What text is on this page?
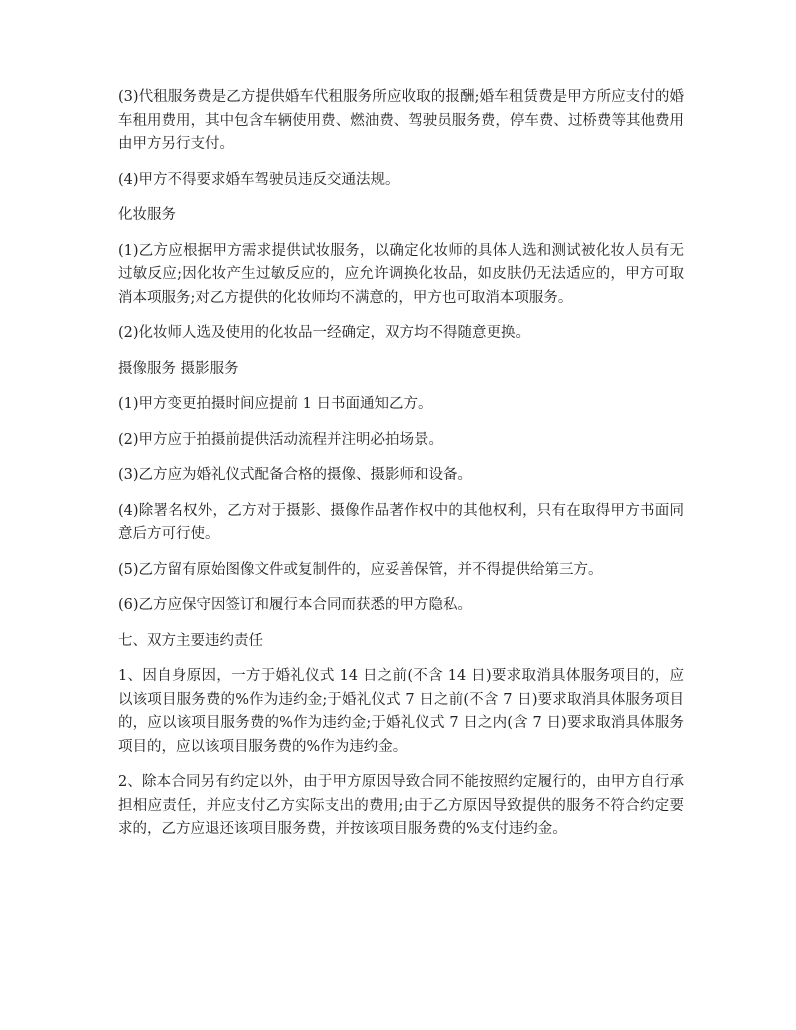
(3)代租服务费是乙方提供婚车代租服务所应收取的报酬;婚车租赁费是甲方所应支付的婚车租用费用，其中包含车辆使用费、燃油费、驾驶员服务费，停车费、过桥费等其他费用由甲方另行支付。

(4)甲方不得要求婚车驾驶员违反交通法规。

化妆服务

(1)乙方应根据甲方需求提供试妆服务，以确定化妆师的具体人选和测试被化妆人员有无过敏反应;因化妆产生过敏反应的，应允许调换化妆品，如皮肤仍无法适应的，甲方可取消本项服务;对乙方提供的化妆师均不满意的，甲方也可取消本项服务。

(2)化妆师人选及使用的化妆品一经确定，双方均不得随意更换。

摄像服务 摄影服务

(1)甲方变更拍摄时间应提前 1 日书面通知乙方。

(2)甲方应于拍摄前提供活动流程并注明必拍场景。

(3)乙方应为婚礼仪式配备合格的摄像、摄影师和设备。

(4)除署名权外，乙方对于摄影、摄像作品著作权中的其他权利，只有在取得甲方书面同意后方可行使。

(5)乙方留有原始图像文件或复制件的，应妥善保管，并不得提供给第三方。

(6)乙方应保守因签订和履行本合同而获悉的甲方隐私。

七、双方主要违约责任

1、因自身原因，一方于婚礼仪式 14 日之前(不含 14 日)要求取消具体服务项目的，应以该项目服务费的%作为违约金;于婚礼仪式 7 日之前(不含 7 日)要求取消具体服务项目的，应以该项目服务费的%作为违约金;于婚礼仪式 7 日之内(含 7 日)要求取消具体服务项目的，应以该项目服务费的%作为违约金。

2、除本合同另有约定以外，由于甲方原因导致合同不能按照约定履行的，由甲方自行承担相应责任，并应支付乙方实际支出的费用;由于乙方原因导致提供的服务不符合约定要求的，乙方应退还该项目服务费，并按该项目服务费的%支付违约金。
